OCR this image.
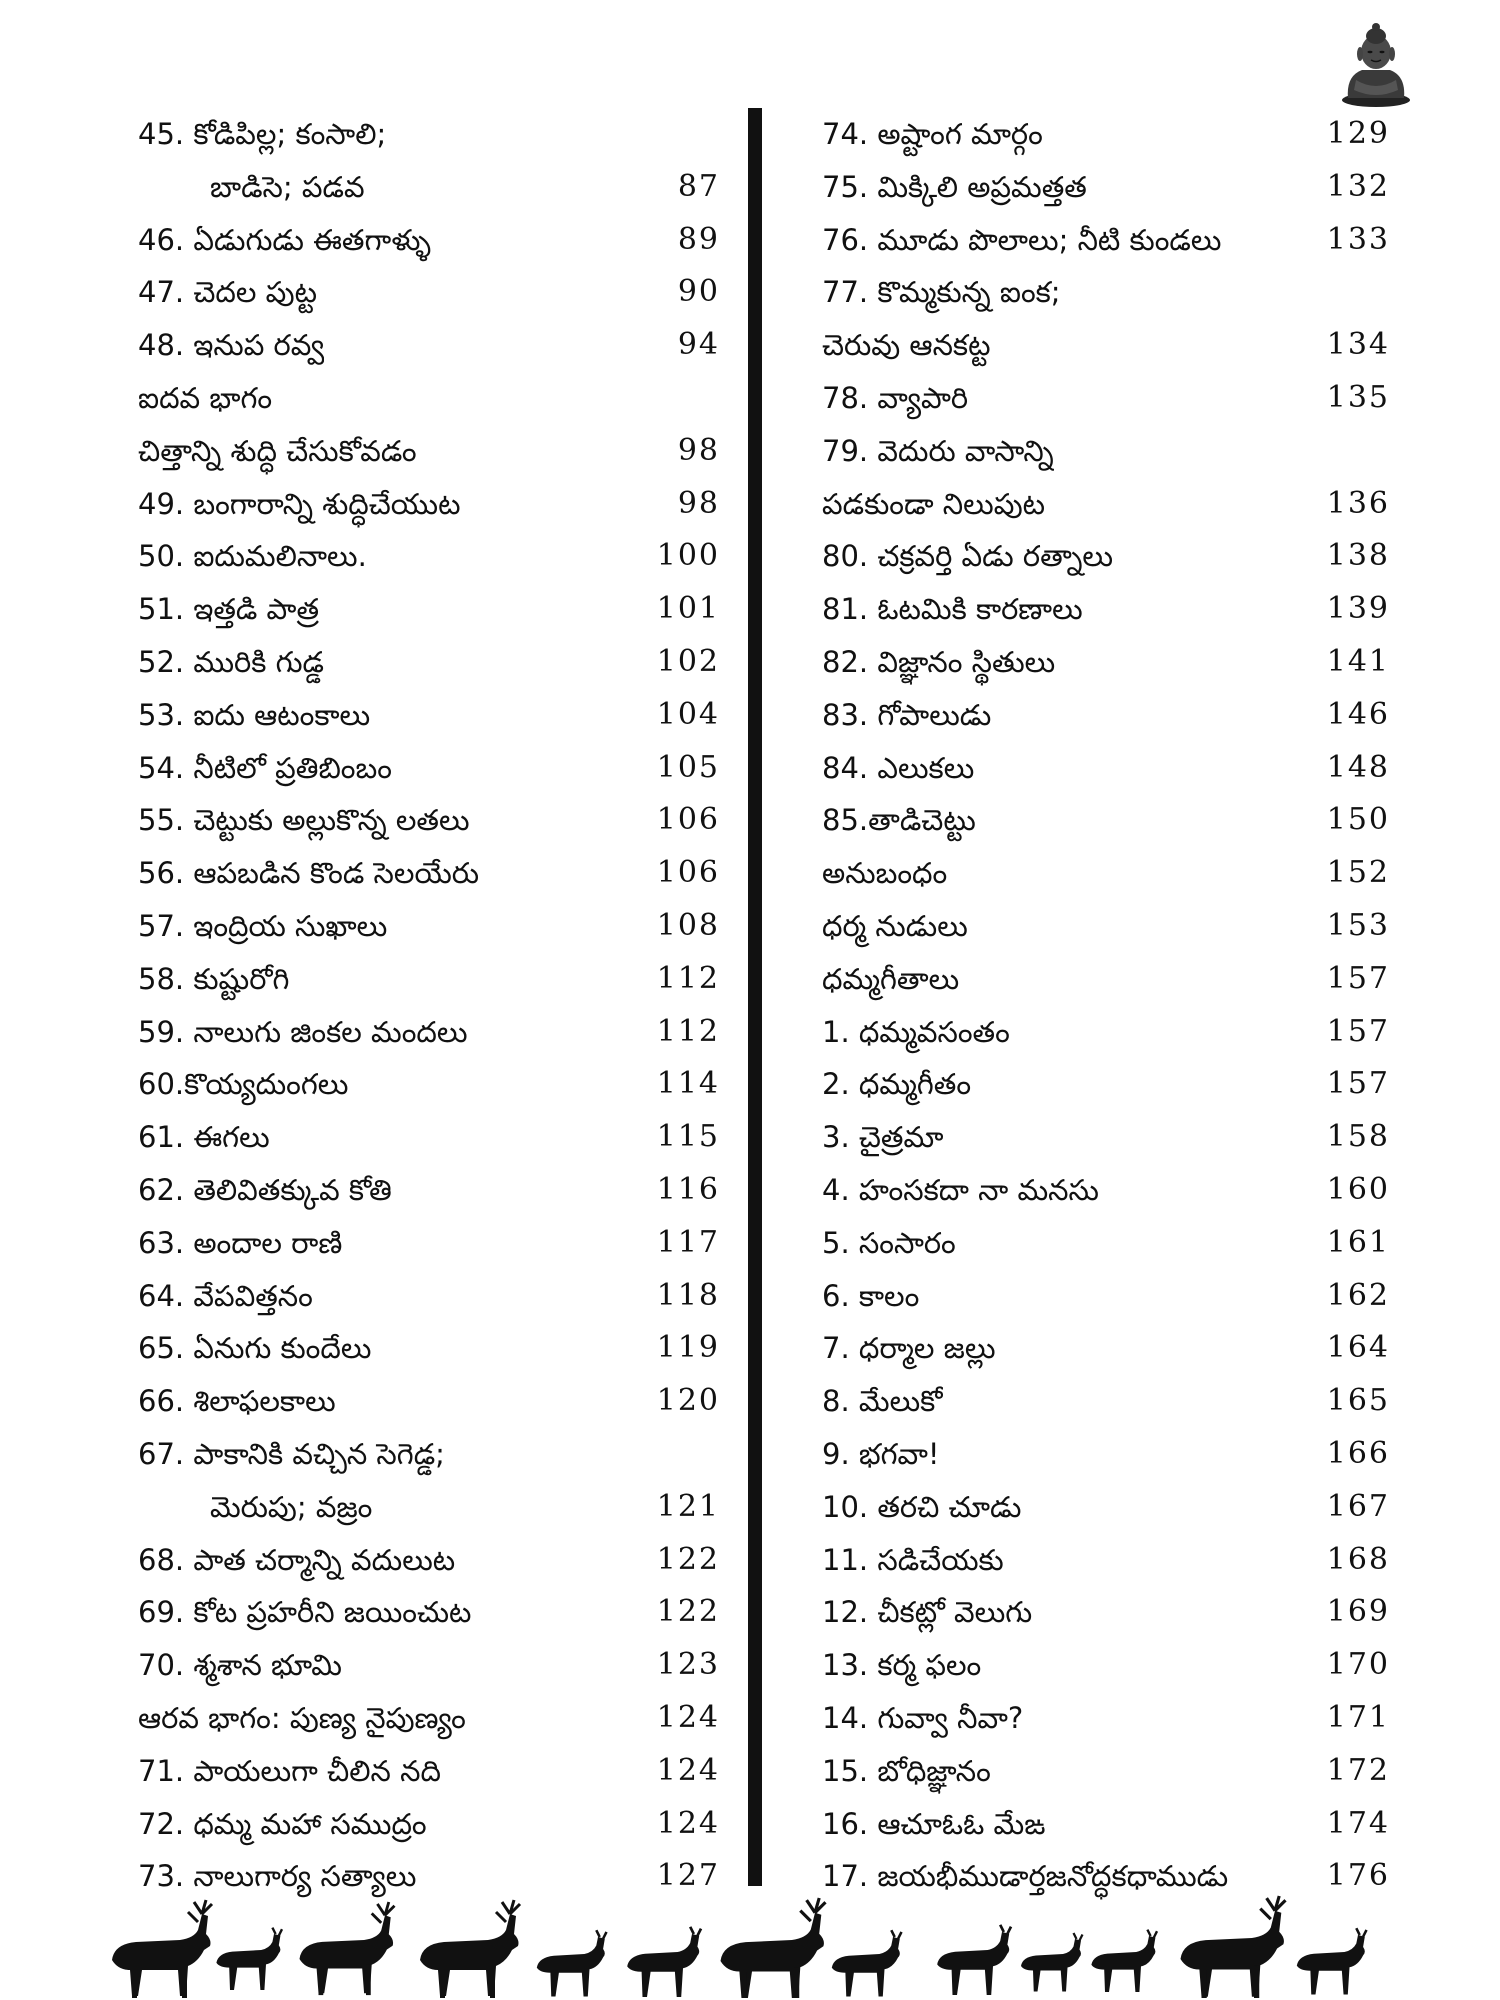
45. కోడిపిల్ల; కంసాలి;
బాడిసె; పడవ	87
46. ఏడుగుడు ఈతగాళ్ళు	89
47. చెదల పుట్ట	90
48. ఇనుప రవ్వ	94
ఐదవ భాగం
చిత్తాన్ని శుద్ధి చేసుకోవడం	98
49. బంగారాన్ని శుద్ధిచేయుట	98
50. ఐదుమలినాలు.	100
51. ఇత్తడి పాత్ర	101
52. మురికి గుడ్డ	102
53. ఐదు ఆటంకాలు	104
54. నీటిలో ప్రతిబింబం	105
55. చెట్టుకు అల్లుకొన్న లతలు	106
56. ఆపబడిన కొండ సెలయేరు	106
57. ఇంద్రియ సుఖాలు	108
58. కుష్టురోగి	112
59. నాలుగు జింకల మందలు	112
60.కొయ్యదుంగలు	114
61. ఈగలు	115
62. తెలివితక్కువ కోతి	116
63. అందాల రాణి	117
64. వేపవిత్తనం	118
65. ఏనుగు కుందేలు	119
66. శిలాఫలకాలు	120
67. పాకానికి వచ్చిన సెగెడ్డ;
మెరుపు; వజ్రం	121
68. పాత చర్మాన్ని వదులుట	122
69. కోట ప్రహరీని జయించుట	122
70. శ్మశాన భూమి	123
ఆరవ భాగం: పుణ్య నైపుణ్యం	124
71. పాయలుగా చీలిన నది	124
72. ధమ్మ మహా సముద్రం	124
73. నాలుగార్య సత్యాలు	127
74. అష్టాంగ మార్గం	129
75. మిక్కిలి అప్రమత్తత	132
76. మూడు పొలాలు; నీటి కుండలు	133
77. కొమ్మకున్న ఐంక;
చెరువు ఆనకట్ట	134
78. వ్యాపారి	135
79. వెదురు వాసాన్ని
పడకుండా నిలుపుట	136
80. చక్రవర్తి ఏడు రత్నాలు	138
81. ఓటమికి కారణాలు	139
82. విజ్ఞానం స్థితులు	141
83. గోపాలుడు	146
84. ఎలుకలు	148
85.తాడిచెట్టు	150
అనుబంధం	152
ధర్మ నుడులు	153
ధమ్మగీతాలు	157
1. ధమ్మవసంతం	157
2. ధమ్మగీతం	157
3. చైత్రమా	158
4. హంసకదా నా మనసు	160
5. సంసారం	161
6. కాలం	162
7. ధర్మాల జల్లు	164
8. మేలుకో	165
9. భగవా!	166
10. తరచి చూడు	167
11. సడిచేయకు	168
12. చీకట్లో వెలుగు	169
13. కర్మ ఫలం	170
14. గువ్వా నీవా?	171
15. బోధిజ్ఞానం	172
16. ఆచూఓఓ మేఙ	174
17. జయభీముడార్తజనోద్ధకధాముడు	176
